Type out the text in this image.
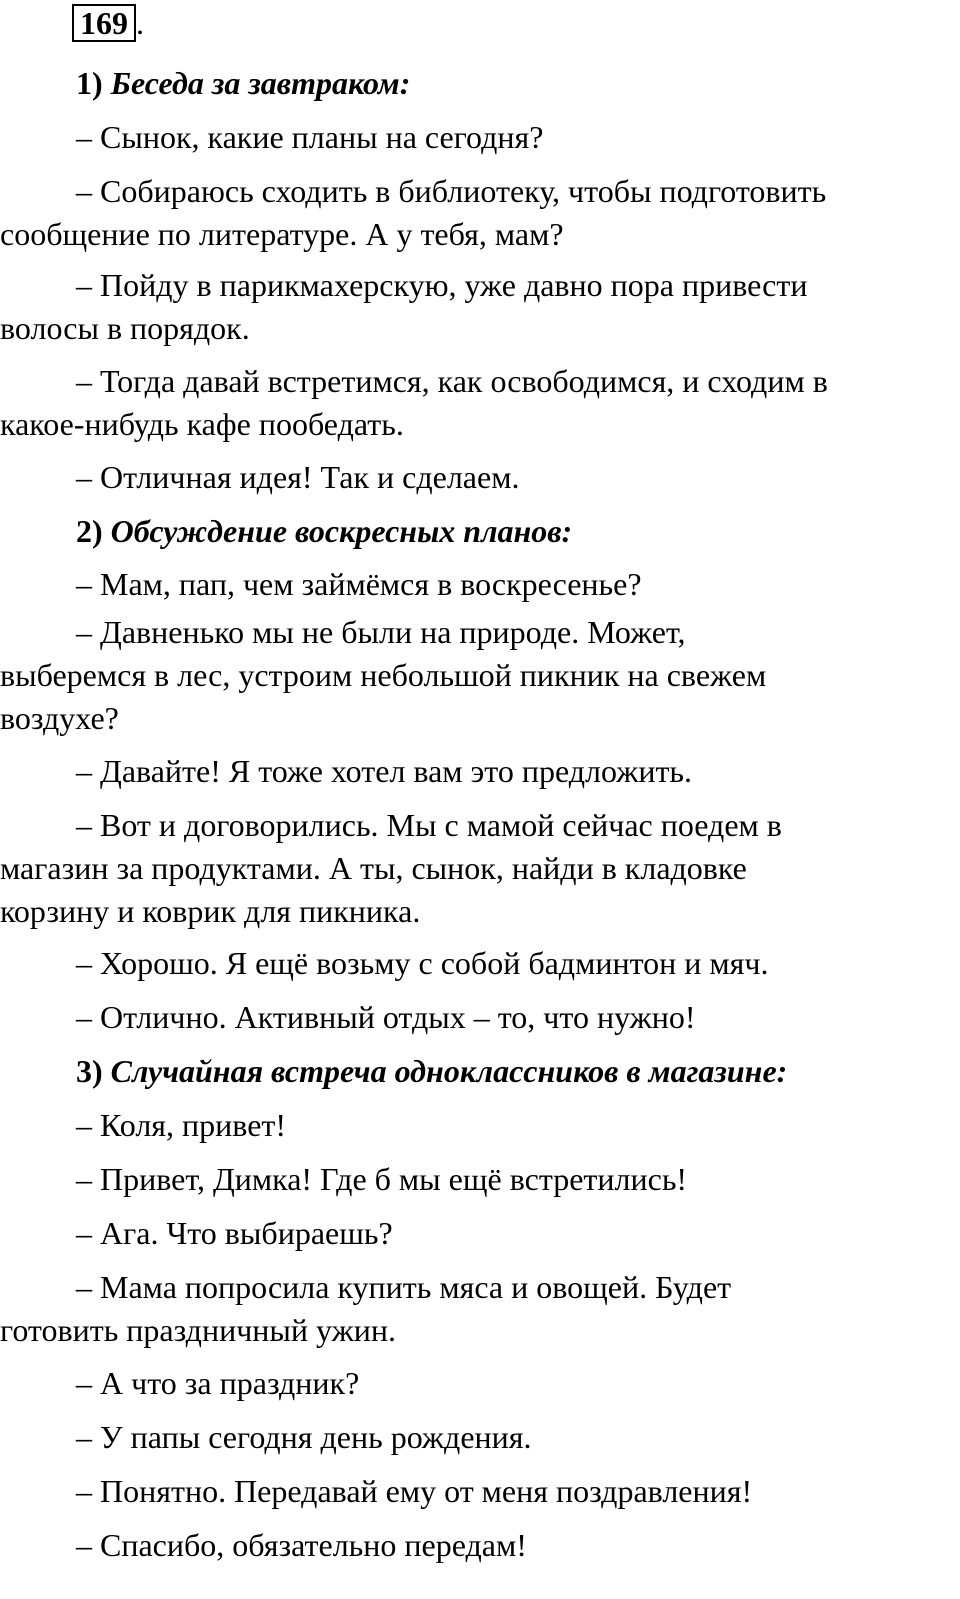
169 .

1) Беседа за завтраком:

– Сынок, какие планы на сегодня?

– Собираюсь сходить в библиотеку, чтобы подготовить
сообщение по литературе. А у тебя, мам?

– Пойду в парикмахерскую, уже давно пора привести
волосы в порядок.

– Тогда давай встретимся, как освободимся, и сходим в
какое-нибудь кафе пообедать.

– Отличная идея! Так и сделаем.

2) Обсуждение воскресных планов:

– Мам, пап, чем займёмся в воскресенье?

– Давненько мы не были на природе. Может,
выберемся в лес, устроим небольшой пикник на свежем
воздухе?

– Давайте! Я тоже хотел вам это предложить.

– Вот и договорились. Мы с мамой сейчас поедем в
магазин за продуктами. А ты, сынок, найди в кладовке
корзину и коврик для пикника.

– Хорошо. Я ещё возьму с собой бадминтон и мяч.

– Отлично. Активный отдых – то, что нужно!

3) Случайная встреча одноклассников в магазине:

– Коля, привет!

– Привет, Димка! Где б мы ещё встретились!

– Ага. Что выбираешь?

– Мама попросила купить мяса и овощей. Будет
готовить праздничный ужин.

– А что за праздник?

– У папы сегодня день рождения.

– Понятно. Передавай ему от меня поздравления!

– Спасибо, обязательно передам!
